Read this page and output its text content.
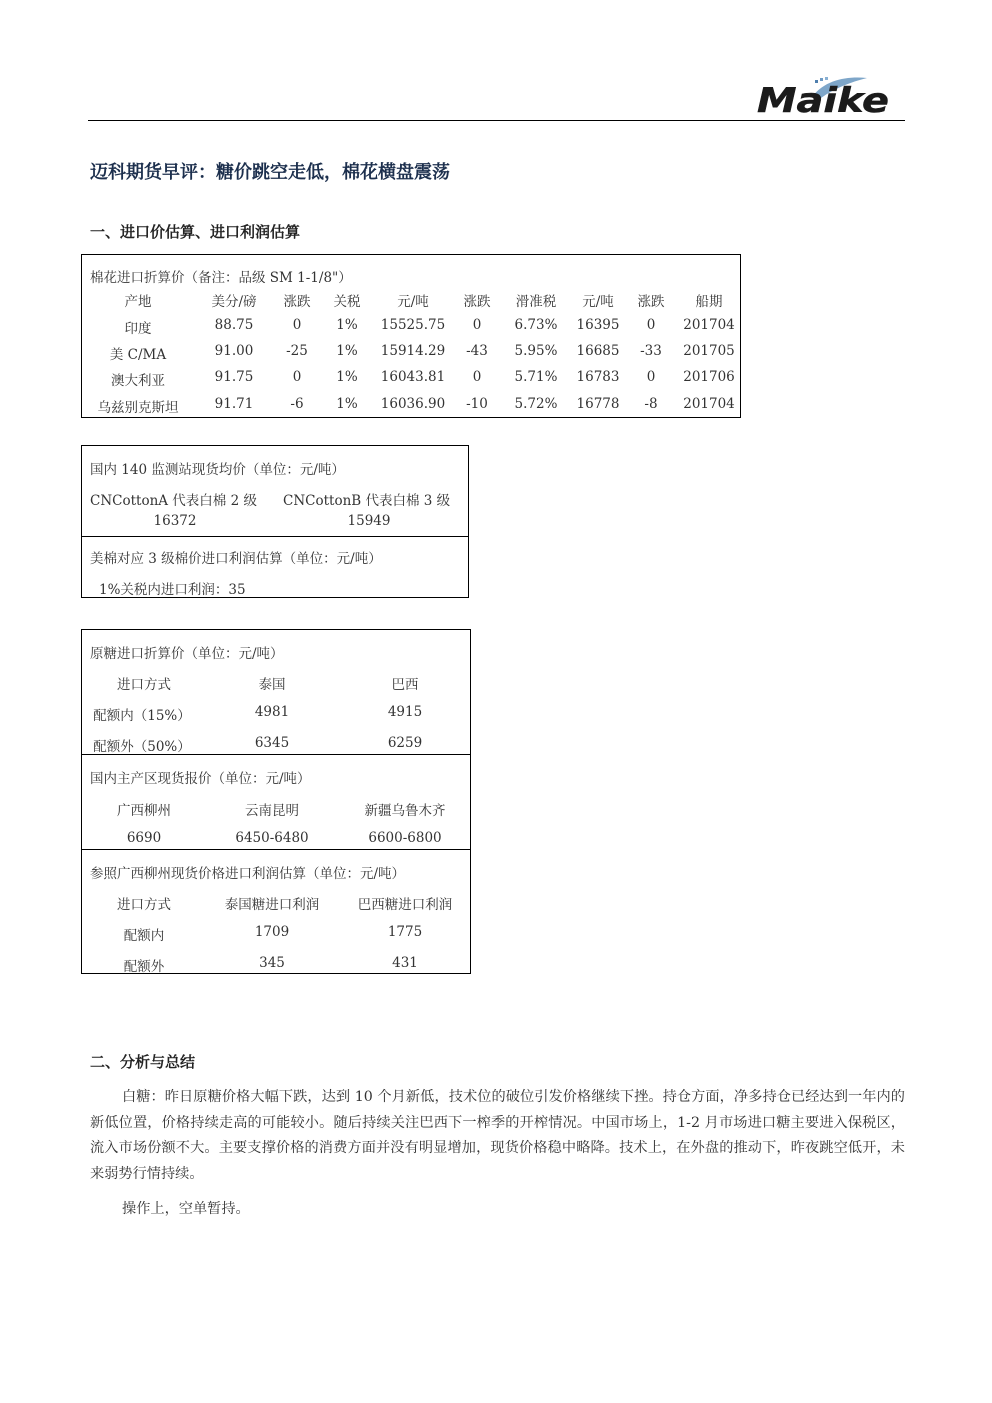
Maike
迈科期货早评：糖价跳空走低，棉花横盘震荡
一、进口价估算、进口利润估算
棉花进口折算价（备注：品级 SM 1-1/8"）
产地	美分/磅 涨跌 关税	元/吨	涨跌 滑准税 元/吨 涨跌 船期
印度	88.75	0	1% 15525.75 0 6.73% 16395 0 201704
美 C/MA	91.00 -25 1% 15914.29 -43 5.95% 16685 -33 201705
澳大利亚	91.75	0	1% 16043.81 0 5.71% 16783 0 201706
乌兹别克斯坦	91.71	-6 1% 16036.90 -10 5.72% 16778 -8 201704
国内 140 监测站现货均价（单位：元/吨）
CNCottonA 代表白棉 2 级
16372
CNCottonB 代表白棉 3 级
15949
美棉对应 3 级棉价进口利润估算（单位：元/吨）
1%关税内进口利润：35
原糖进口折算价（单位：元/吨）
进口方式	泰国	巴西
配额内（15%）	4981	4915
配额外（50%）	6345	6259
国内主产区现货报价（单位：元/吨）
广西柳州	云南昆明	新疆乌鲁木齐
6690	6450-6480	6600-6800
参照广西柳州现货价格进口利润估算（单位：元/吨）
进口方式	泰国糖进口利润	巴西糖进口利润
配额内	1709	1775
配额外	345	431
二、分析与总结

白糖：昨日原糖价格大幅下跌，达到 10 个月新低，技术位的破位引发价格继续下挫。持仓方面，净多持仓已经达到一年内的新低位置，价格持续走高的可能较小。随后持续关注巴西下一榨季的开榨情况。中国市场上，1-2 月市场进口糖主要进入保税区，流入市场份额不大。主要支撑价格的消费方面并没有明显增加，现货价格稳中略降。技术上，在外盘的推动下，昨夜跳空低开，未来弱势行情持续。

操作上，空单暂持。
